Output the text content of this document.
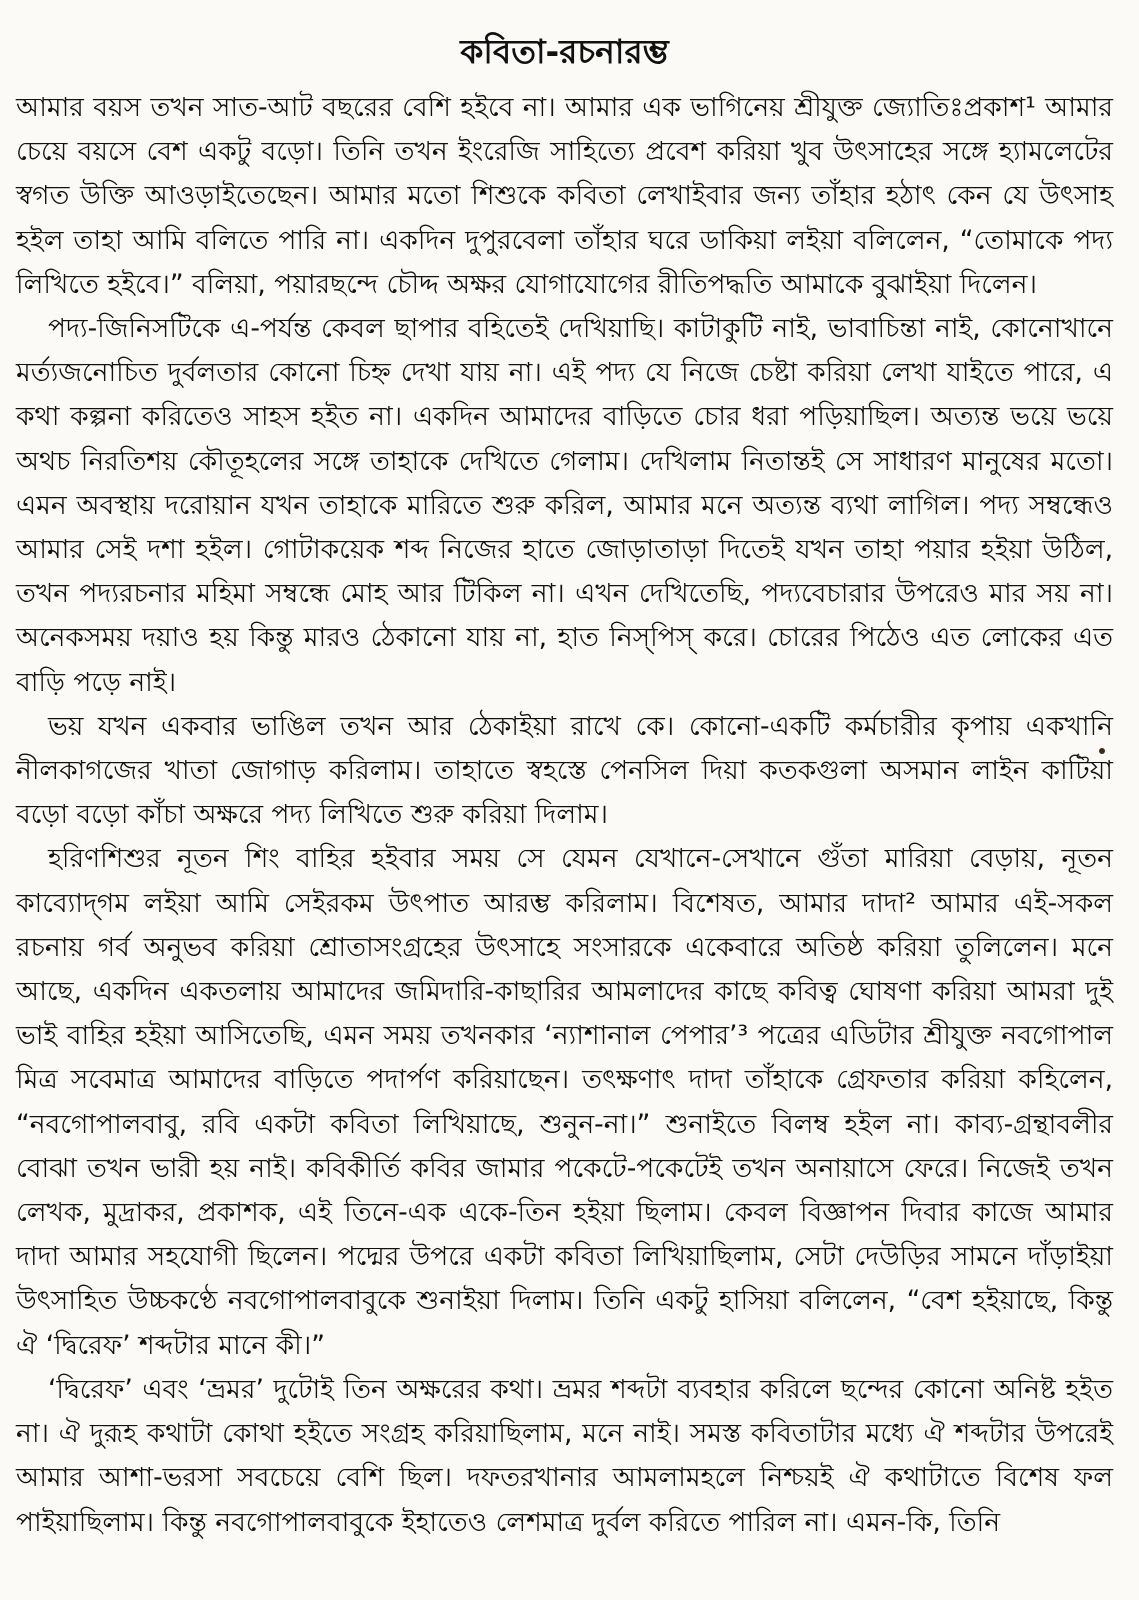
কবিতা-রচনারম্ভ

আমার বয়স তখন সাত-আট বছরের বেশি হইবে না। আমার এক ভাগিনেয় শ্রীযুক্ত জ্যোতিঃপ্রকাশ¹ আমার চেয়ে বয়সে বেশ একটু বড়ো। তিনি তখন ইংরেজি সাহিত্যে প্রবেশ করিয়া খুব উৎসাহের সঙ্গে হ্যামলেটের স্বগত উক্তি আওড়াইতেছেন। আমার মতো শিশুকে কবিতা লেখাইবার জন্য তাঁহার হঠাৎ কেন যে উৎসাহ হইল তাহা আমি বলিতে পারি না। একদিন দুপুরবেলা তাঁহার ঘরে ডাকিয়া লইয়া বলিলেন, “তোমাকে পদ্য লিখিতে হইবে।” বলিয়া, পয়ারছন্দে চৌদ্দ অক্ষর যোগাযোগের রীতিপদ্ধতি আমাকে বুঝাইয়া দিলেন।

পদ্য-জিনিসটিকে এ-পর্যন্ত কেবল ছাপার বহিতেই দেখিয়াছি। কাটাকুটি নাই, ভাবাচিন্তা নাই, কোনোখানে মর্ত্যজনোচিত দুর্বলতার কোনো চিহ্ন দেখা যায় না। এই পদ্য যে নিজে চেষ্টা করিয়া লেখা যাইতে পারে, এ কথা কল্পনা করিতেও সাহস হইত না। একদিন আমাদের বাড়িতে চোর ধরা পড়িয়াছিল। অত্যন্ত ভয়ে ভয়ে অথচ নিরতিশয় কৌতূহলের সঙ্গে তাহাকে দেখিতে গেলাম। দেখিলাম নিতান্তই সে সাধারণ মানুষের মতো। এমন অবস্থায় দরোয়ান যখন তাহাকে মারিতে শুরু করিল, আমার মনে অত্যন্ত ব্যথা লাগিল। পদ্য সম্বন্ধেও আমার সেই দশা হইল। গোটাকয়েক শব্দ নিজের হাতে জোড়াতাড়া দিতেই যখন তাহা পয়ার হইয়া উঠিল, তখন পদ্যরচনার মহিমা সম্বন্ধে মোহ আর টিকিল না। এখন দেখিতেছি, পদ্যবেচারার উপরেও মার সয় না। অনেকসময় দয়াও হয় কিন্তু মারও ঠেকানো যায় না, হাত নিস্‌পিস্ করে। চোরের পিঠেও এত লোকের এত বাড়ি পড়ে নাই।

ভয় যখন একবার ভাঙিল তখন আর ঠেকাইয়া রাখে কে। কোনো-একটি কর্মচারীর কৃপায় একখানি নীলকাগজের খাতা জোগাড় করিলাম। তাহাতে স্বহস্তে পেনসিল দিয়া কতকগুলা অসমান লাইন কাটিয়া বড়ো বড়ো কাঁচা অক্ষরে পদ্য লিখিতে শুরু করিয়া দিলাম।

হরিণশিশুর নূতন শিং বাহির হইবার সময় সে যেমন যেখানে-সেখানে গুঁতা মারিয়া বেড়ায়, নূতন কাব্যোদ্‌গম লইয়া আমি সেইরকম উৎপাত আরম্ভ করিলাম। বিশেষত, আমার দাদা² আমার এই-সকল রচনায় গর্ব অনুভব করিয়া শ্রোতাসংগ্রহের উৎসাহে সংসারকে একেবারে অতিষ্ঠ করিয়া তুলিলেন। মনে আছে, একদিন একতলায় আমাদের জমিদারি-কাছারির আমলাদের কাছে কবিত্ব ঘোষণা করিয়া আমরা দুই ভাই বাহির হইয়া আসিতেছি, এমন সময় তখনকার ‘ন্যাশানাল পেপার’³ পত্রের এডিটার শ্রীযুক্ত নবগোপাল মিত্র সবেমাত্র আমাদের বাড়িতে পদার্পণ করিয়াছেন। তৎক্ষণাৎ দাদা তাঁহাকে গ্রেফতার করিয়া কহিলেন, “নবগোপালবাবু, রবি একটা কবিতা লিখিয়াছে, শুনুন-না।” শুনাইতে বিলম্ব হইল না। কাব্য-গ্রন্থাবলীর বোঝা তখন ভারী হয় নাই। কবিকীর্তি কবির জামার পকেটে-পকেটেই তখন অনায়াসে ফেরে। নিজেই তখন লেখক, মুদ্রাকর, প্রকাশক, এই তিনে-এক একে-তিন হইয়া ছিলাম। কেবল বিজ্ঞাপন দিবার কাজে আমার দাদা আমার সহযোগী ছিলেন। পদ্মের উপরে একটা কবিতা লিখিয়াছিলাম, সেটা দেউড়ির সামনে দাঁড়াইয়া উৎসাহিত উচ্চকণ্ঠে নবগোপালবাবুকে শুনাইয়া দিলাম। তিনি একটু হাসিয়া বলিলেন, “বেশ হইয়াছে, কিন্তু ঐ ‘দ্বিরেফ’ শব্দটার মানে কী।”

‘দ্বিরেফ’ এবং ‘ভ্রমর’ দুটোই তিন অক্ষরের কথা। ভ্রমর শব্দটা ব্যবহার করিলে ছন্দের কোনো অনিষ্ট হইত না। ঐ দুরূহ কথাটা কোথা হইতে সংগ্রহ করিয়াছিলাম, মনে নাই। সমস্ত কবিতাটার মধ্যে ঐ শব্দটার উপরেই আমার আশা-ভরসা সবচেয়ে বেশি ছিল। দফতরখানার আমলামহলে নিশ্চয়ই ঐ কথাটাতে বিশেষ ফল পাইয়াছিলাম। কিন্তু নবগোপালবাবুকে ইহাতেও লেশমাত্র দুর্বল করিতে পারিল না। এমন-কি, তিনি
